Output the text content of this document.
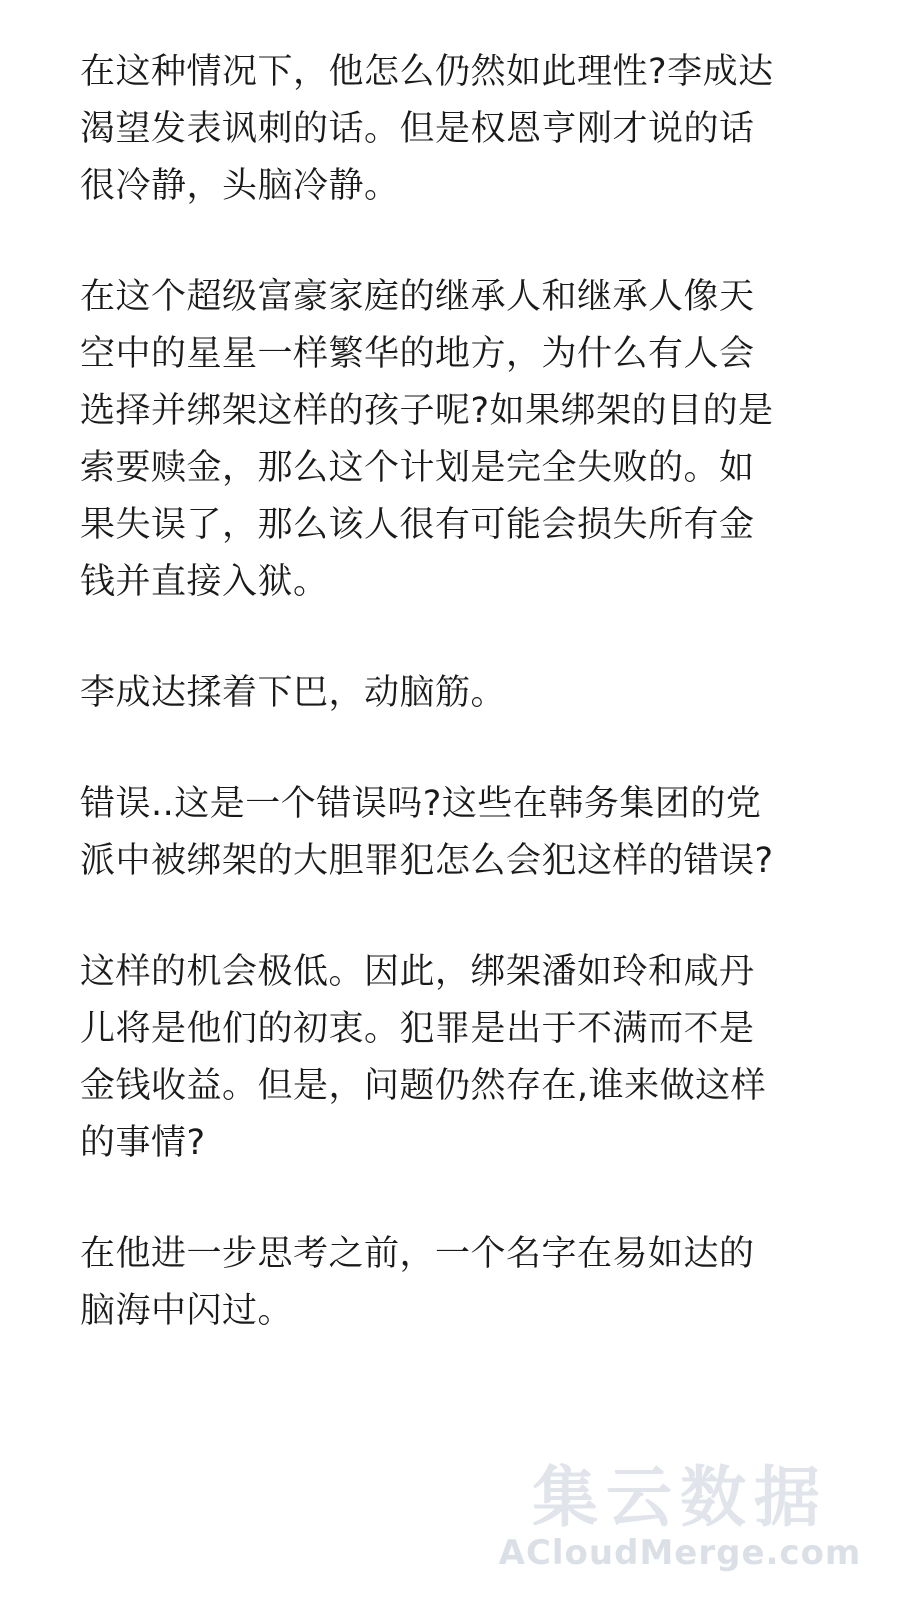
在这种情况下，他怎么仍然如此理性?李成达
渴望发表讽刺的话。但是权恩亨刚才说的话
很冷静，头脑冷静。
在这个超级富豪家庭的继承人和继承人像天
空中的星星一样繁华的地方，为什么有人会
选择并绑架这样的孩子呢?如果绑架的目的是
索要赎金，那么这个计划是完全失败的。如
果失误了，那么该人很有可能会损失所有金
钱并直接入狱。
李成达揉着下巴，动脑筋。
错误..这是一个错误吗?这些在韩务集团的党
派中被绑架的大胆罪犯怎么会犯这样的错误?
这样的机会极低。因此，绑架潘如玲和咸丹
儿将是他们的初衷。犯罪是出于不满而不是
金钱收益。但是，问题仍然存在,谁来做这样
的事情?
在他进一步思考之前，一个名字在易如达的
脑海中闪过。
集云数据
ACloudMerge.com
